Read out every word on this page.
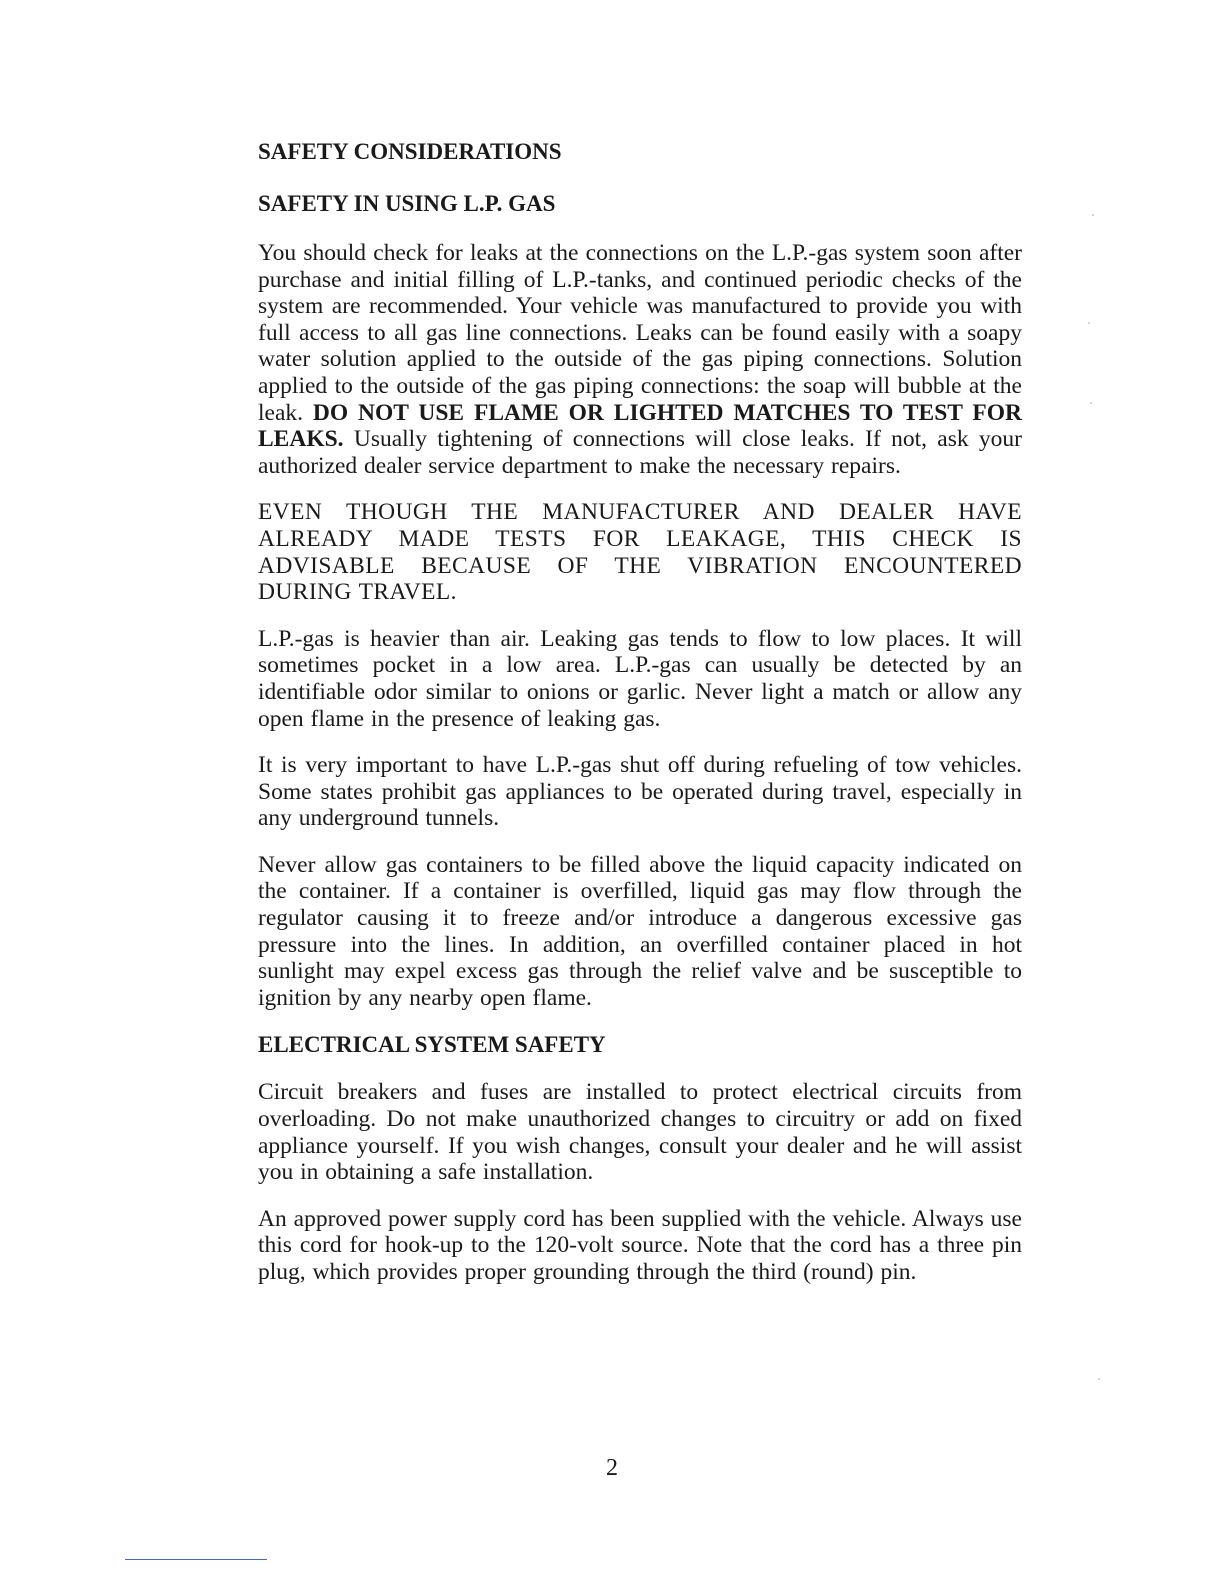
SAFETY CONSIDERATIONS
SAFETY IN USING L.P. GAS

You should check for leaks at the connections on the L.P.-gas system soon after purchase and initial filling of L.P.-tanks, and continued periodic checks of the system are recommended. Your vehicle was manufactured to provide you with full access to all gas line connections. Leaks can be found easily with a soapy water solution applied to the outside of the gas piping connections. Solution applied to the outside of the gas piping connections: the soap will bubble at the leak. DO NOT USE FLAME OR LIGHTED MATCHES TO TEST FOR LEAKS. Usually tightening of connections will close leaks. If not, ask your authorized dealer service department to make the necessary repairs.

EVEN THOUGH THE MANUFACTURER AND DEALER HAVE ALREADY MADE TESTS FOR LEAKAGE, THIS CHECK IS ADVISABLE BECAUSE OF THE VIBRATION ENCOUNTERED DURING TRAVEL.

L.P.-gas is heavier than air. Leaking gas tends to flow to low places. It will sometimes pocket in a low area. L.P.-gas can usually be detected by an identifiable odor similar to onions or garlic. Never light a match or allow any open flame in the presence of leaking gas.

It is very important to have L.P.-gas shut off during refueling of tow vehicles. Some states prohibit gas appliances to be operated during travel, especially in any underground tunnels.

Never allow gas containers to be filled above the liquid capacity indicated on the container. If a container is overfilled, liquid gas may flow through the regulator causing it to freeze and/or introduce a dangerous excessive gas pressure into the lines. In addition, an overfilled container placed in hot sunlight may expel excess gas through the relief valve and be susceptible to ignition by any nearby open flame.

ELECTRICAL SYSTEM SAFETY

Circuit breakers and fuses are installed to protect electrical circuits from overloading. Do not make unauthorized changes to circuitry or add on fixed appliance yourself. If you wish changes, consult your dealer and he will assist you in obtaining a safe installation.

An approved power supply cord has been supplied with the vehicle. Always use this cord for hook-up to the 120-volt source. Note that the cord has a three pin plug, which provides proper grounding through the third (round) pin.

2
